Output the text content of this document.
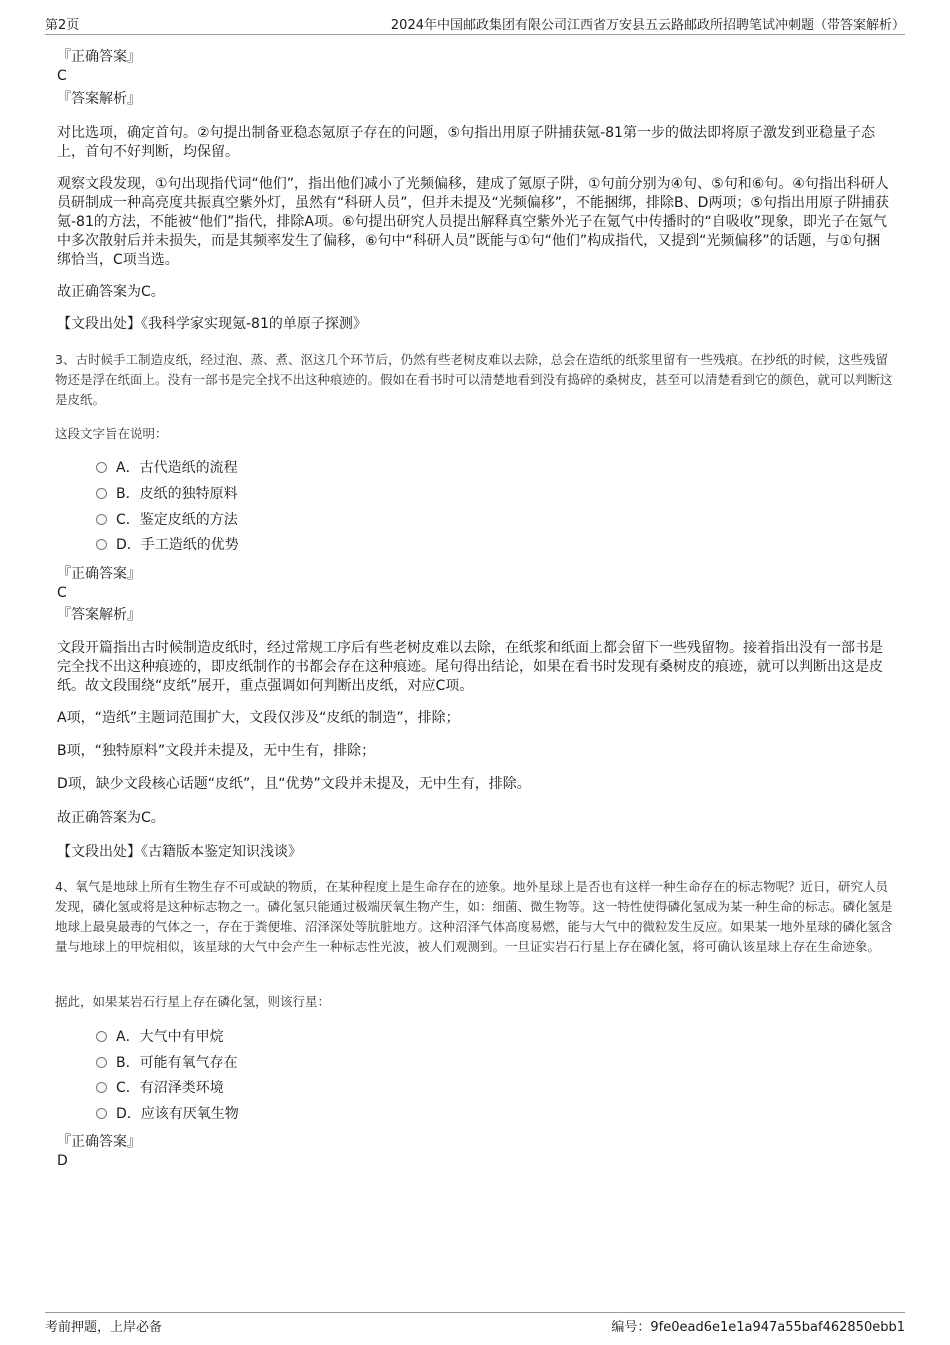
第2页	2024年中国邮政集团有限公司江西省万安县五云路邮政所招聘笔试冲刺题（带答案解析）
『正确答案』
C
『答案解析』
对比选项，确定首句。②句提出制备亚稳态氪原子存在的问题，⑤句指出用原子阱捕获氪-81第一步的做法即将原子激发到亚稳量子态上，首句不好判断，均保留。
观察文段发现，①句出现指代词“他们”，指出他们减小了光频偏移，建成了氪原子阱，①句前分别为④句、⑤句和⑥句。④句指出科研人员研制成一种高亮度共振真空紫外灯，虽然有“科研人员”，但并未提及“光频偏移”，不能捆绑，排除B、D两项；⑤句指出用原子阱捕获氪-81的方法，不能被“他们”指代，排除A项。⑥句提出研究人员提出解释真空紫外光子在氪气中传播时的“自吸收”现象，即光子在氪气中多次散射后并未损失，而是其频率发生了偏移，⑥句中“科研人员”既能与①句“他们”构成指代，又提到“光频偏移”的话题，与①句捆绑恰当，C项当选。
故正确答案为C。
【文段出处】《我科学家实现氪-81的单原子探测》
3、古时候手工制造皮纸，经过泡、蒸、煮、沤这几个环节后，仍然有些老树皮难以去除，总会在造纸的纸浆里留有一些残痕。在抄纸的时候，这些残留物还是浮在纸面上。没有一部书是完全找不出这种痕迹的。假如在看书时可以清楚地看到没有捣碎的桑树皮，甚至可以清楚看到它的颜色，就可以判断这是皮纸。
这段文字旨在说明：
A．古代造纸的流程
B．皮纸的独特原料
C．鉴定皮纸的方法
D．手工造纸的优势
『正确答案』
C
『答案解析』
文段开篇指出古时候制造皮纸时，经过常规工序后有些老树皮难以去除，在纸浆和纸面上都会留下一些残留物。接着指出没有一部书是完全找不出这种痕迹的，即皮纸制作的书都会存在这种痕迹。尾句得出结论，如果在看书时发现有桑树皮的痕迹，就可以判断出这是皮纸。故文段围绕“皮纸”展开，重点强调如何判断出皮纸，对应C项。
A项，“造纸”主题词范围扩大，文段仅涉及“皮纸的制造”，排除；
B项，“独特原料”文段并未提及，无中生有，排除；
D项，缺少文段核心话题“皮纸”，且“优势”文段并未提及，无中生有，排除。
故正确答案为C。
【文段出处】《古籍版本鉴定知识浅谈》
4、氧气是地球上所有生物生存不可或缺的物质，在某种程度上是生命存在的迹象。地外星球上是否也有这样一种生命存在的标志物呢？近日，研究人员发现，磷化氢或将是这种标志物之一。磷化氢只能通过极端厌氧生物产生，如：细菌、微生物等。这一特性使得磷化氢成为某一种生命的标志。磷化氢是地球上最臭最毒的气体之一，存在于粪便堆、沼泽深处等肮脏地方。这种沼泽气体高度易燃，能与大气中的微粒发生反应。如果某一地外星球的磷化氢含量与地球上的甲烷相似，该星球的大气中会产生一种标志性光波，被人们观测到。一旦证实岩石行星上存在磷化氢，将可确认该星球上存在生命迹象。
据此，如果某岩石行星上存在磷化氢，则该行星：
A．大气中有甲烷
B．可能有氧气存在
C．有沼泽类环境
D．应该有厌氧生物
『正确答案』
D
考前押题，上岸必备	编号：9fe0ead6e1e1a947a55baf462850ebb1
